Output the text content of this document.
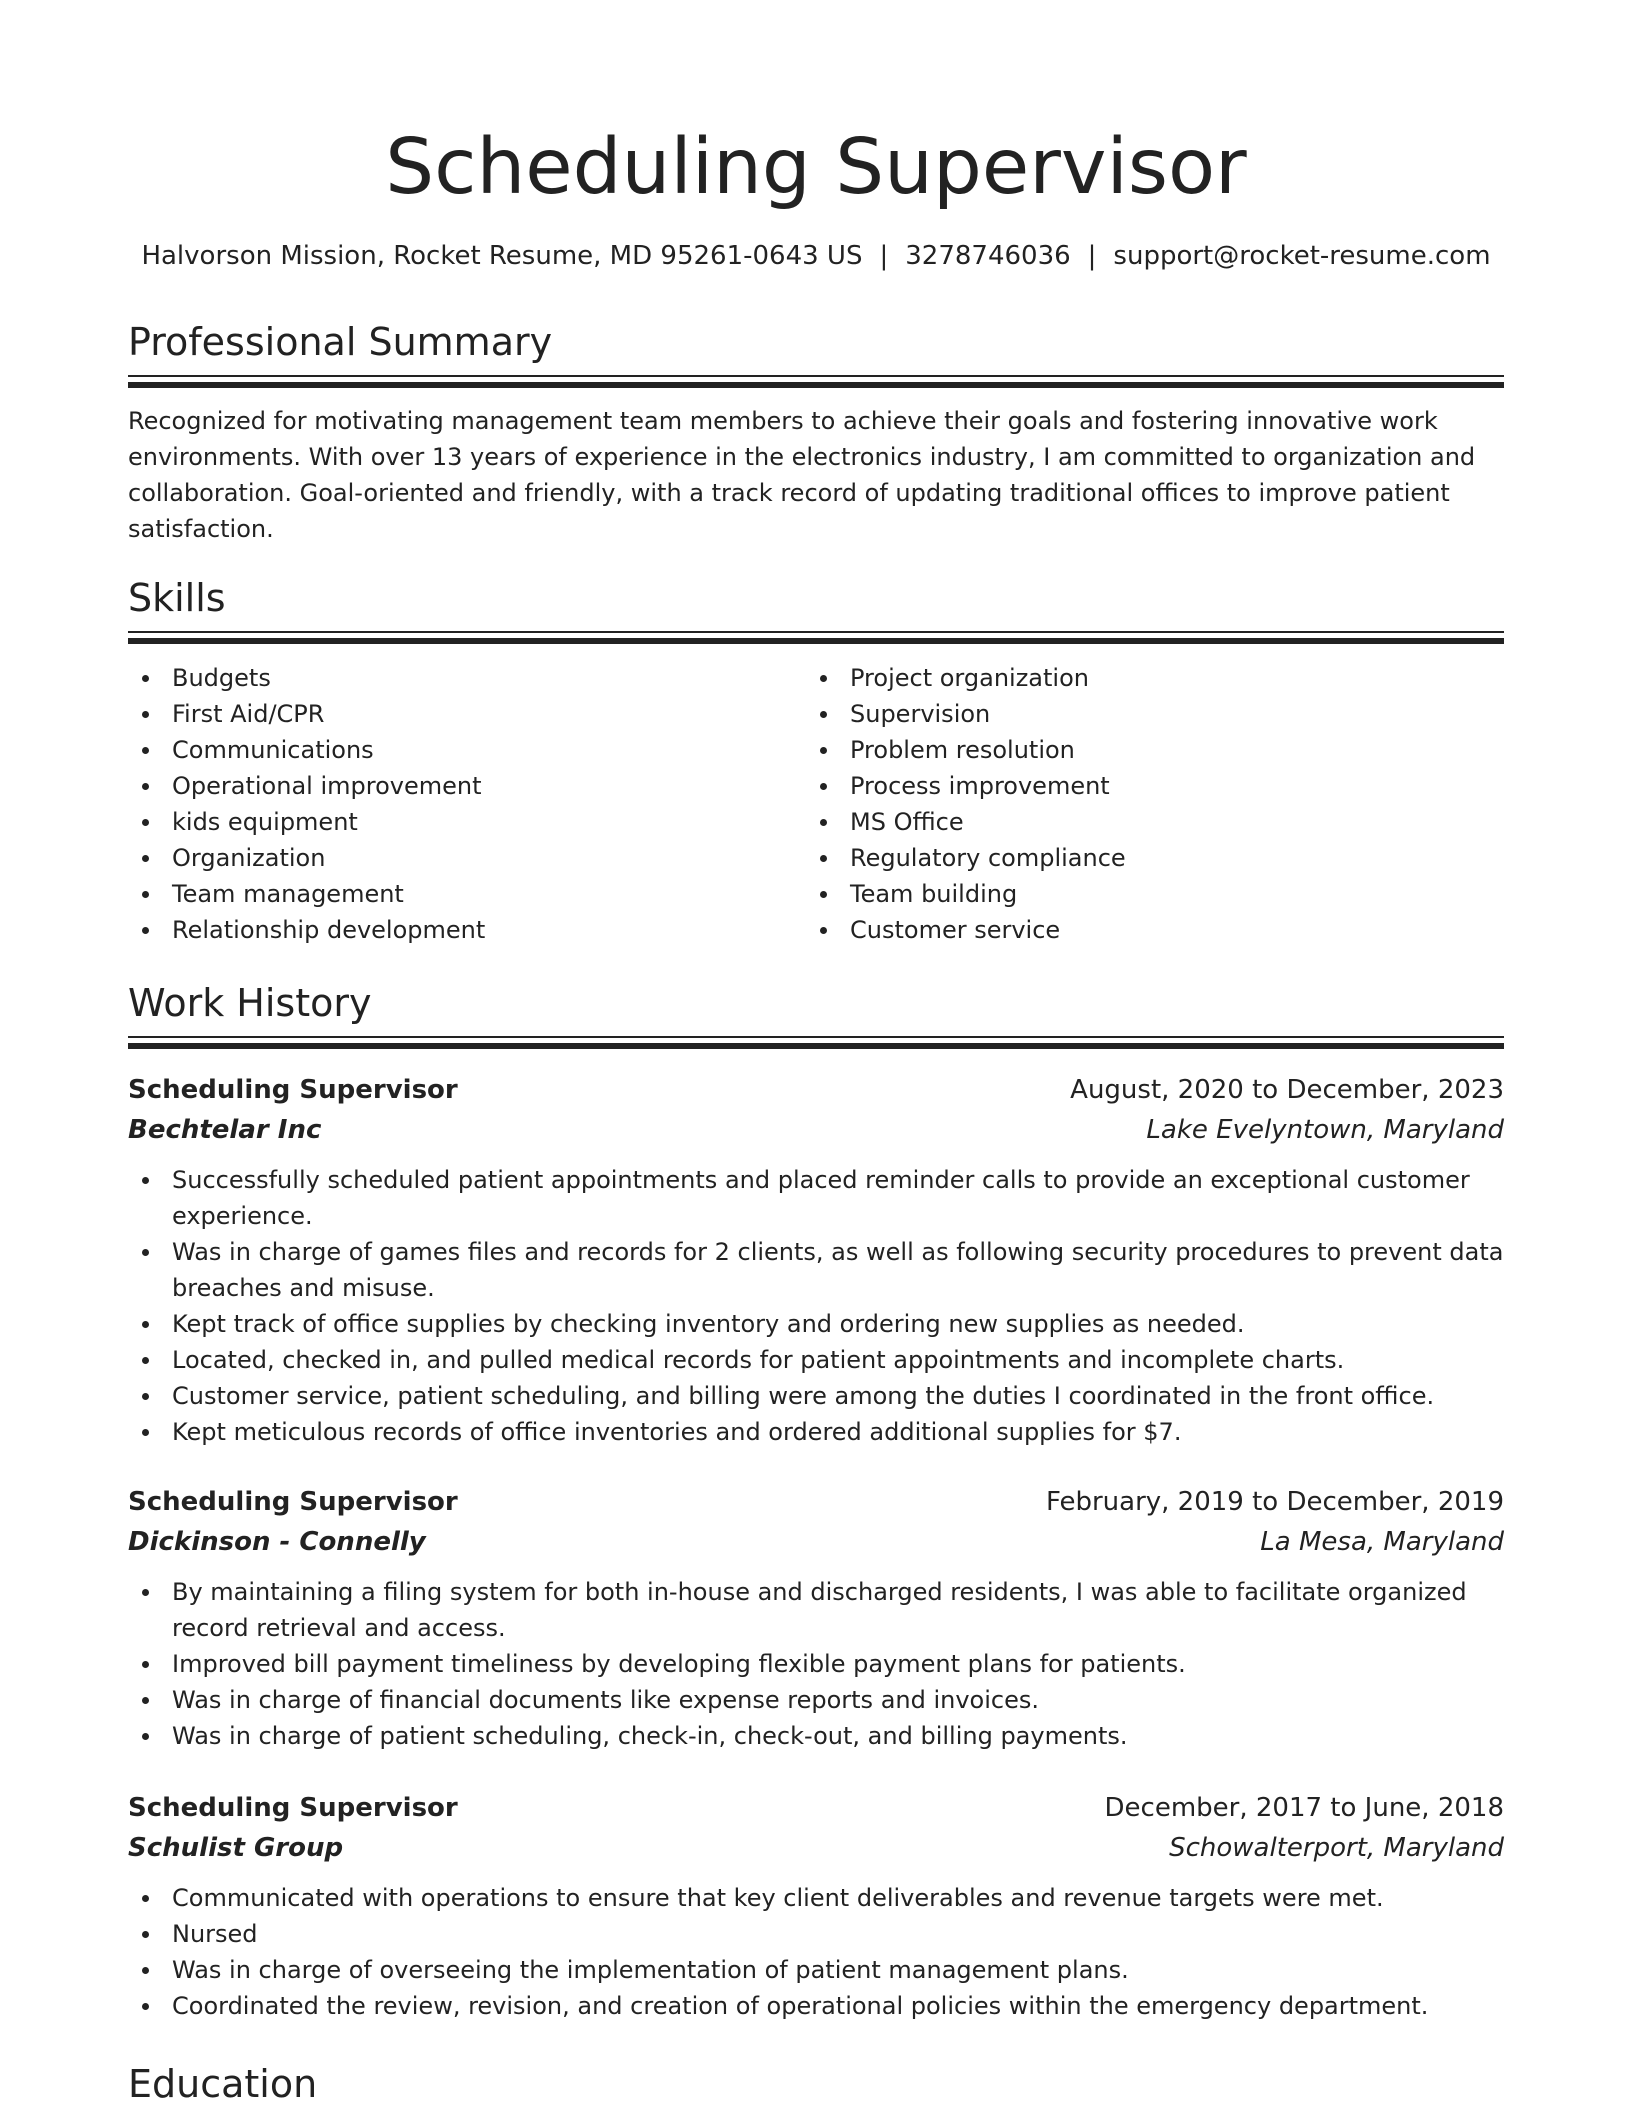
Scheduling Supervisor
Halvorson Mission, Rocket Resume, MD 95261-0643 US | 3278746036 | support@rocket-resume.com
Professional Summary

Recognized for motivating management team members to achieve their goals and fostering innovative work environments. With over 13 years of experience in the electronics industry, I am committed to organization and collaboration. Goal-oriented and friendly, with a track record of updating traditional offices to improve patient satisfaction.

Skills
Budgets
First Aid/CPR
Communications
Operational improvement
kids equipment
Organization
Team management
Relationship development
Project organization
Supervision
Problem resolution
Process improvement
MS Office
Regulatory compliance
Team building
Customer service
Work History
Scheduling Supervisor	August, 2020 to December, 2023
Bechtelar Inc	Lake Evelyntown, Maryland
Successfully scheduled patient appointments and placed reminder calls to provide an exceptional customer experience.
Was in charge of games files and records for 2 clients, as well as following security procedures to prevent data breaches and misuse.
Kept track of office supplies by checking inventory and ordering new supplies as needed.
Located, checked in, and pulled medical records for patient appointments and incomplete charts.
Customer service, patient scheduling, and billing were among the duties I coordinated in the front office.
Kept meticulous records of office inventories and ordered additional supplies for $7.
Scheduling Supervisor	February, 2019 to December, 2019
Dickinson - Connelly	La Mesa, Maryland
By maintaining a filing system for both in-house and discharged residents, I was able to facilitate organized record retrieval and access.
Improved bill payment timeliness by developing flexible payment plans for patients.
Was in charge of financial documents like expense reports and invoices.
Was in charge of patient scheduling, check-in, check-out, and billing payments.
Scheduling Supervisor	December, 2017 to June, 2018
Schulist Group	Schowalterport, Maryland
Communicated with operations to ensure that key client deliverables and revenue targets were met.
Nursed
Was in charge of overseeing the implementation of patient management plans.
Coordinated the review, revision, and creation of operational policies within the emergency department.
Education
